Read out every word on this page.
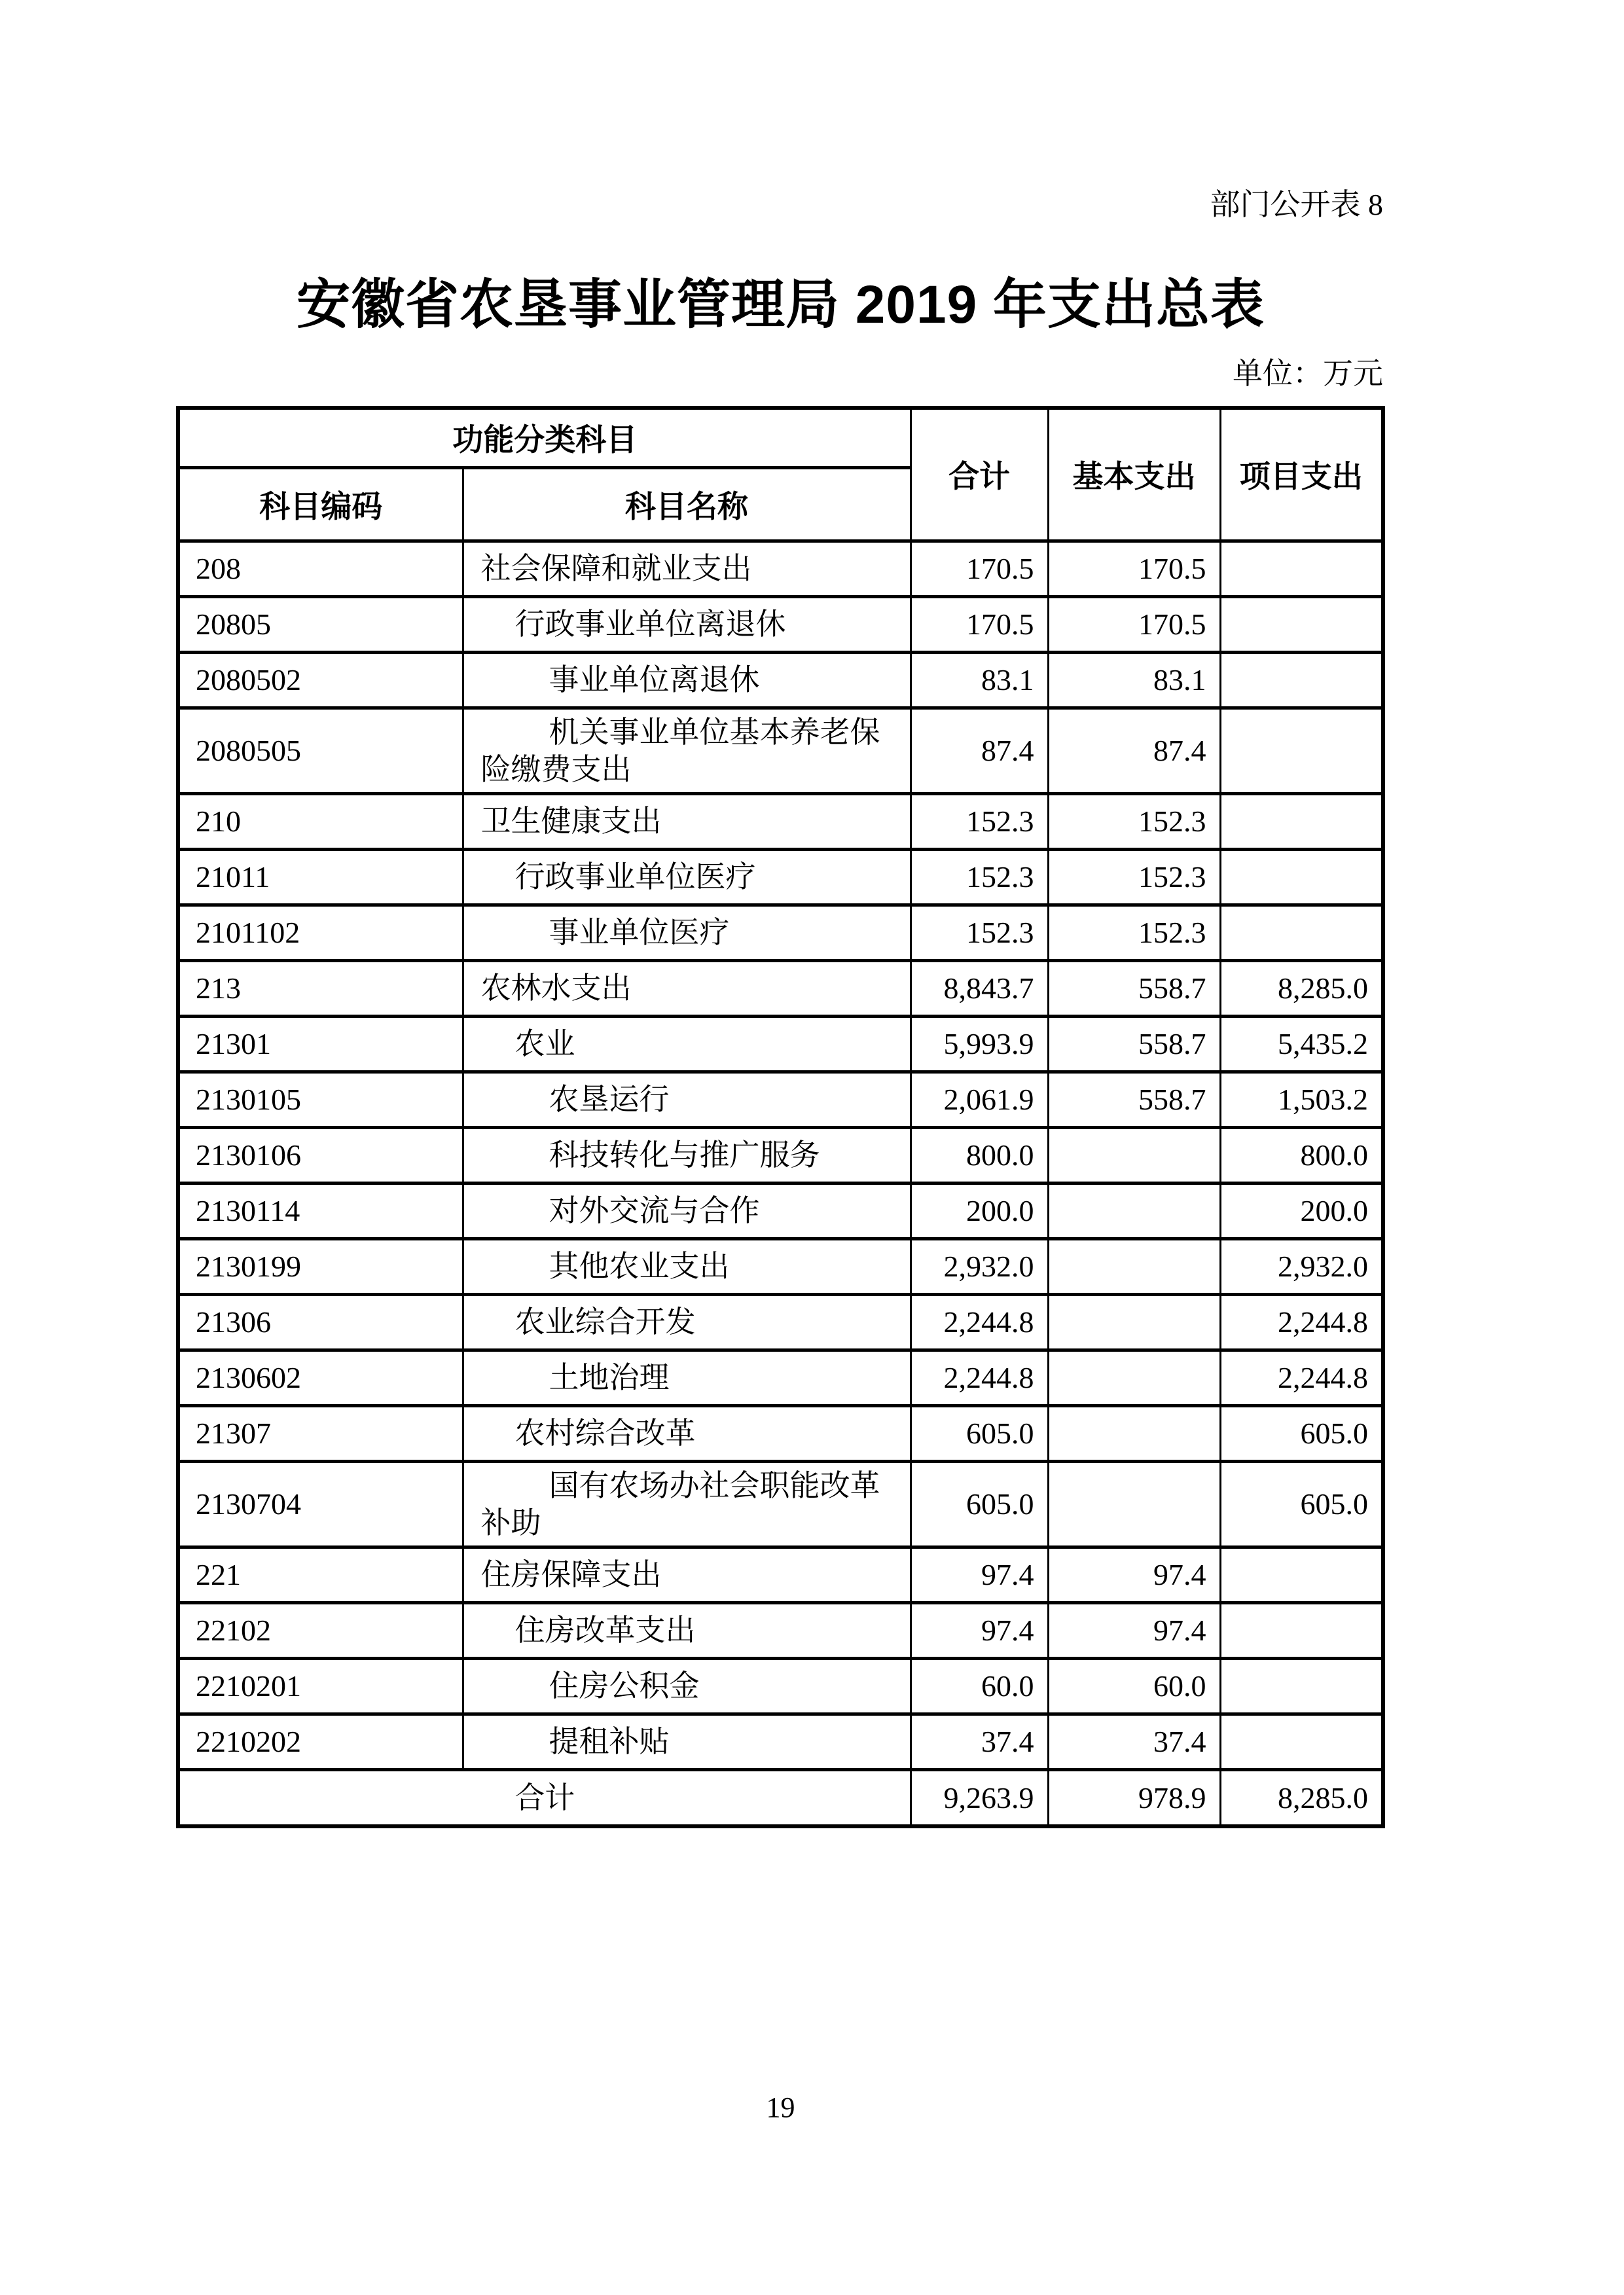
部门公开表 8
安徽省农垦事业管理局 2019 年支出总表
单位：万元
功能分类科目		合计	基本支出	项目支出
科目编码	科目名称			
208	社会保障和就业支出	170.5	170.5	
20805	行政事业单位离退休	170.5	170.5	
2080502	事业单位离退休	83.1	83.1	
2080505	机关事业单位基本养老保险缴费支出	87.4	87.4	
210	卫生健康支出	152.3	152.3	
21011	行政事业单位医疗	152.3	152.3	
2101102	事业单位医疗	152.3	152.3	
213	农林水支出	8,843.7	558.7	8,285.0
21301	农业	5,993.9	558.7	5,435.2
2130105	农垦运行	2,061.9	558.7	1,503.2
2130106	科技转化与推广服务	800.0		800.0
2130114	对外交流与合作	200.0		200.0
2130199	其他农业支出	2,932.0		2,932.0
21306	农业综合开发	2,244.8		2,244.8
2130602	土地治理	2,244.8		2,244.8
21307	农村综合改革	605.0		605.0
2130704	国有农场办社会职能改革补助	605.0		605.0
221	住房保障支出	97.4	97.4	
22102	住房改革支出	97.4	97.4	
2210201	住房公积金	60.0	60.0	
2210202	提租补贴	37.4	37.4	
合计		9,263.9	978.9	8,285.0
19
